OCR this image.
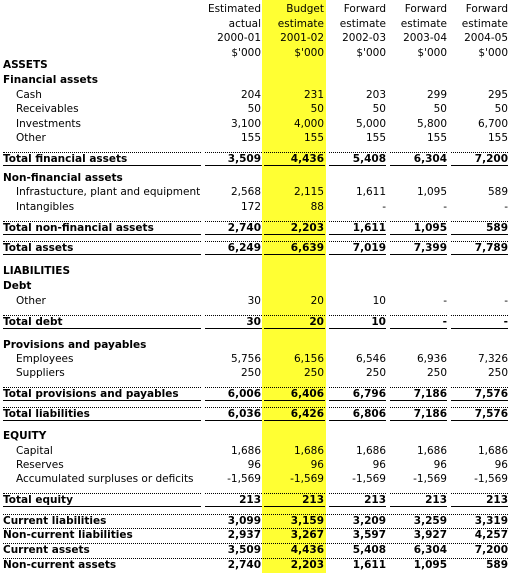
Estimated
actual
2000-01
$'000
Budget
estimate
2001-02
$'000
Forward
estimate
2002-03
$'000
Forward
estimate
2003-04
$'000
Forward
estimate
2004-05
$'000
ASSETS
Financial assets
Cash	204	231	203	299	295
Receivables	50	50	50	50	50
Investments	3,100	4,000	5,000	5,800	6,700
Other	155	155	155	155	155
Total financial assets	3,509	4,436	5,408	6,304	7,200
Non-financial assets
Infrastucture, plant and equipment	2,568	2,115	1,611	1,095	589
Intangibles	172	88	-	-	-
Total non-financial assets	2,740	2,203	1,611	1,095	589
Total assets	6,249	6,639	7,019	7,399	7,789
LIABILITIES
Debt
Other	30	20	10	-	-
Total debt	30	20	10	-	-
Provisions and payables
Employees	5,756	6,156	6,546	6,936	7,326
Suppliers	250	250	250	250	250
Total provisions and payables	6,006	6,406	6,796	7,186	7,576
Total liabilities	6,036	6,426	6,806	7,186	7,576
EQUITY
Capital	1,686	1,686	1,686	1,686	1,686
Reserves	96	96	96	96	96
Accumulated surpluses or deficits	-1,569	-1,569	-1,569	-1,569	-1,569
Total equity	213	213	213	213	213
Current liabilities	3,099	3,159	3,209	3,259	3,319
Non-current liabilities	2,937	3,267	3,597	3,927	4,257
Current assets	3,509	4,436	5,408	6,304	7,200
Non-current assets	2,740	2,203	1,611	1,095	589
